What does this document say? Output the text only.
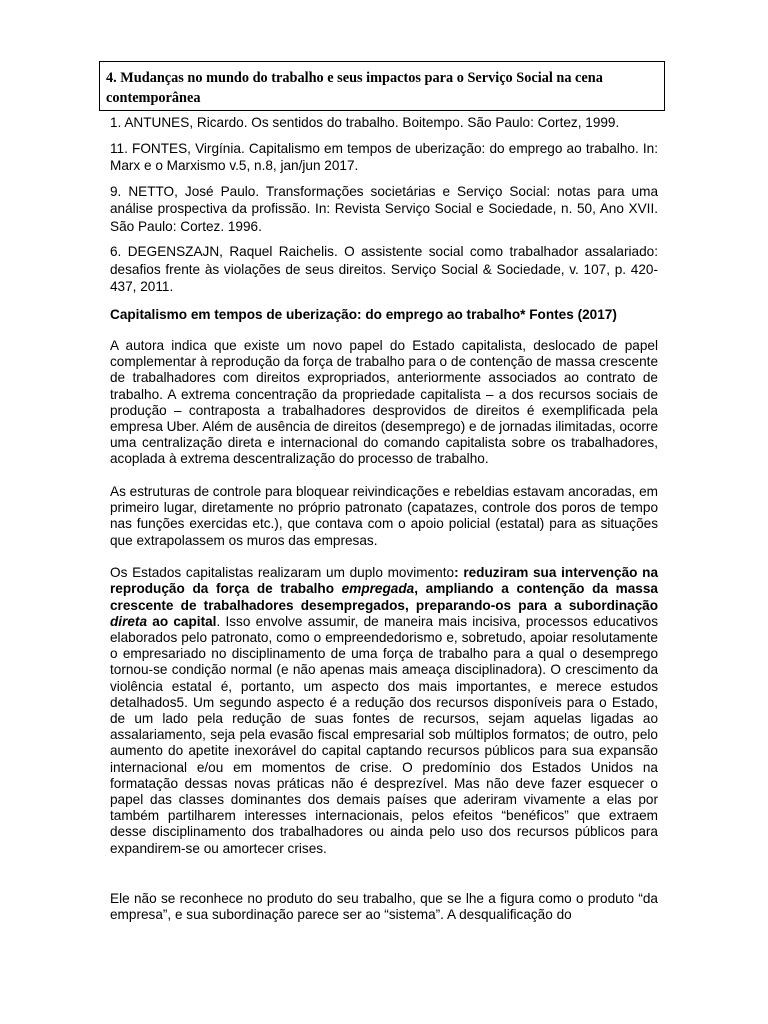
4. Mudanças no mundo do trabalho e seus impactos para o Serviço Social na cena contemporânea
1. ANTUNES, Ricardo. Os sentidos do trabalho. Boitempo. São Paulo: Cortez, 1999.
11. FONTES, Virgínia. Capitalismo em tempos de uberização: do emprego ao trabalho. In: Marx e o Marxismo v.5, n.8, jan/jun 2017.
9. NETTO, José Paulo. Transformações societárias e Serviço Social: notas para uma análise prospectiva da profissão. In: Revista Serviço Social e Sociedade, n. 50, Ano XVII. São Paulo: Cortez. 1996.
6. DEGENSZAJN, Raquel Raichelis. O assistente social como trabalhador assalariado: desafios frente às violações de seus direitos. Serviço Social & Sociedade, v. 107, p. 420-437, 2011.
Capitalismo em tempos de uberização: do emprego ao trabalho* Fontes (2017)
A autora indica que existe um novo papel do Estado capitalista, deslocado de papel complementar à reprodução da força de trabalho para o de contenção de massa crescente de trabalhadores com direitos expropriados, anteriormente associados ao contrato de trabalho. A extrema concentração da propriedade capitalista – a dos recursos sociais de produção – contraposta a trabalhadores desprovidos de direitos é exemplificada pela empresa Uber. Além de ausência de direitos (desemprego) e de jornadas ilimitadas, ocorre uma centralização direta e internacional do comando capitalista sobre os trabalhadores, acoplada à extrema descentralização do processo de trabalho.
As estruturas de controle para bloquear reivindicações e rebeldias estavam ancoradas, em primeiro lugar, diretamente no próprio patronato (capatazes, controle dos poros de tempo nas funções exercidas etc.), que contava com o apoio policial (estatal) para as situações que extrapolassem os muros das empresas.
Os Estados capitalistas realizaram um duplo movimento: reduziram sua intervenção na reprodução da força de trabalho empregada, ampliando a contenção da massa crescente de trabalhadores desempregados, preparando-os para a subordinação direta ao capital. Isso envolve assumir, de maneira mais incisiva, processos educativos elaborados pelo patronato, como o empreendedorismo e, sobretudo, apoiar resolutamente o empresariado no disciplinamento de uma força de trabalho para a qual o desemprego tornou-se condição normal (e não apenas mais ameaça disciplinadora). O crescimento da violência estatal é, portanto, um aspecto dos mais importantes, e merece estudos detalhados5. Um segundo aspecto é a redução dos recursos disponíveis para o Estado, de um lado pela redução de suas fontes de recursos, sejam aquelas ligadas ao assalariamento, seja pela evasão fiscal empresarial sob múltiplos formatos; de outro, pelo aumento do apetite inexorável do capital captando recursos públicos para sua expansão internacional e/ou em momentos de crise. O predomínio dos Estados Unidos na formatação dessas novas práticas não é desprezível. Mas não deve fazer esquecer o papel das classes dominantes dos demais países que aderiram vivamente a elas por também partilharem interesses internacionais, pelos efeitos “benéficos” que extraem desse disciplinamento dos trabalhadores ou ainda pelo uso dos recursos públicos para expandirem-se ou amortecer crises.
Ele não se reconhece no produto do seu trabalho, que se lhe a figura como o produto “da empresa”, e sua subordinação parece ser ao “sistema”. A desqualificação do
